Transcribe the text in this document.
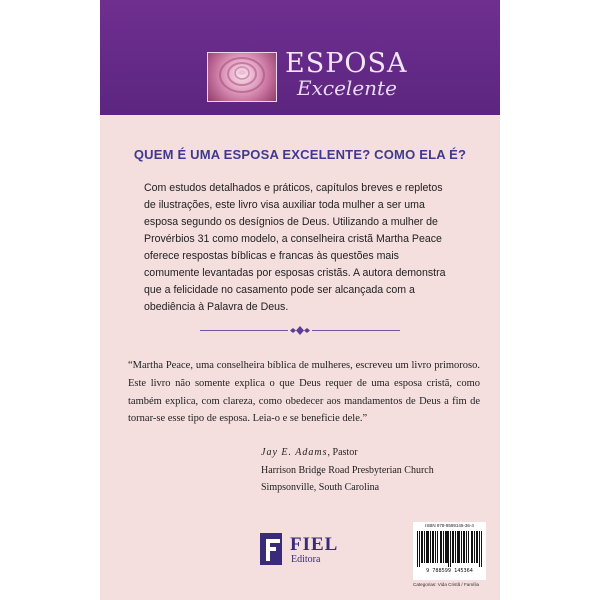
ESPOSA
Excelente
QUEM É UMA ESPOSA EXCELENTE? COMO ELA É?
Com estudos detalhados e práticos, capítulos breves e repletos de ilustrações, este livro visa auxiliar toda mulher a ser uma esposa segundo os desígnios de Deus. Utilizando a mulher de Provérbios 31 como modelo, a conselheira cristã Martha Peace oferece respostas bíblicas e francas às questões mais comumente levantadas por esposas cristãs. A autora demonstra que a felicidade no casamento pode ser alcançada com a obediência à Palavra de Deus.
“Martha Peace, uma conselheira bíblica de mulheres, escreveu um livro primoroso. Este livro não somente explica o que Deus requer de uma esposa cristã, como também explica, com clareza, como obedecer aos mandamentos de Deus a fim de tornar-se esse tipo de esposa. Leia-o e se beneficie dele.”
Jay E. Adams, Pastor
Harrison Bridge Road Presbyterian Church
Simpsonville, South Carolina
FIEL
Editora
ISBN 978-8599145-36-4
9 788599 145364
Categorias: Vida Cristã / Família
